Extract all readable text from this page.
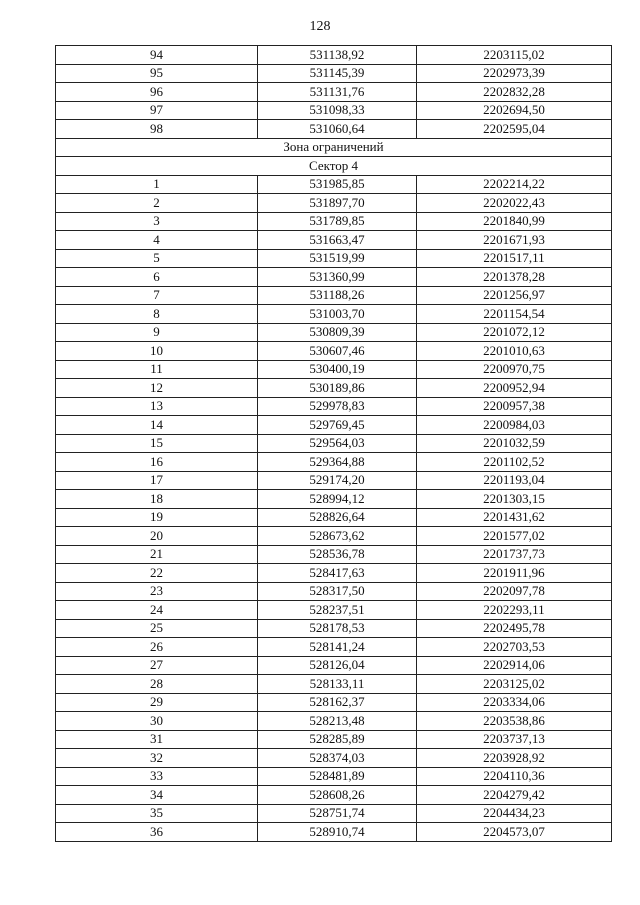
128
94	531138,92	2203115,02
95	531145,39	2202973,39
96	531131,76	2202832,28
97	531098,33	2202694,50
98	531060,64	2202595,04
Зона ограничений		
Сектор 4		
1	531985,85	2202214,22
2	531897,70	2202022,43
3	531789,85	2201840,99
4	531663,47	2201671,93
5	531519,99	2201517,11
6	531360,99	2201378,28
7	531188,26	2201256,97
8	531003,70	2201154,54
9	530809,39	2201072,12
10	530607,46	2201010,63
11	530400,19	2200970,75
12	530189,86	2200952,94
13	529978,83	2200957,38
14	529769,45	2200984,03
15	529564,03	2201032,59
16	529364,88	2201102,52
17	529174,20	2201193,04
18	528994,12	2201303,15
19	528826,64	2201431,62
20	528673,62	2201577,02
21	528536,78	2201737,73
22	528417,63	2201911,96
23	528317,50	2202097,78
24	528237,51	2202293,11
25	528178,53	2202495,78
26	528141,24	2202703,53
27	528126,04	2202914,06
28	528133,11	2203125,02
29	528162,37	2203334,06
30	528213,48	2203538,86
31	528285,89	2203737,13
32	528374,03	2203928,92
33	528481,89	2204110,36
34	528608,26	2204279,42
35	528751,74	2204434,23
36	528910,74	2204573,07
